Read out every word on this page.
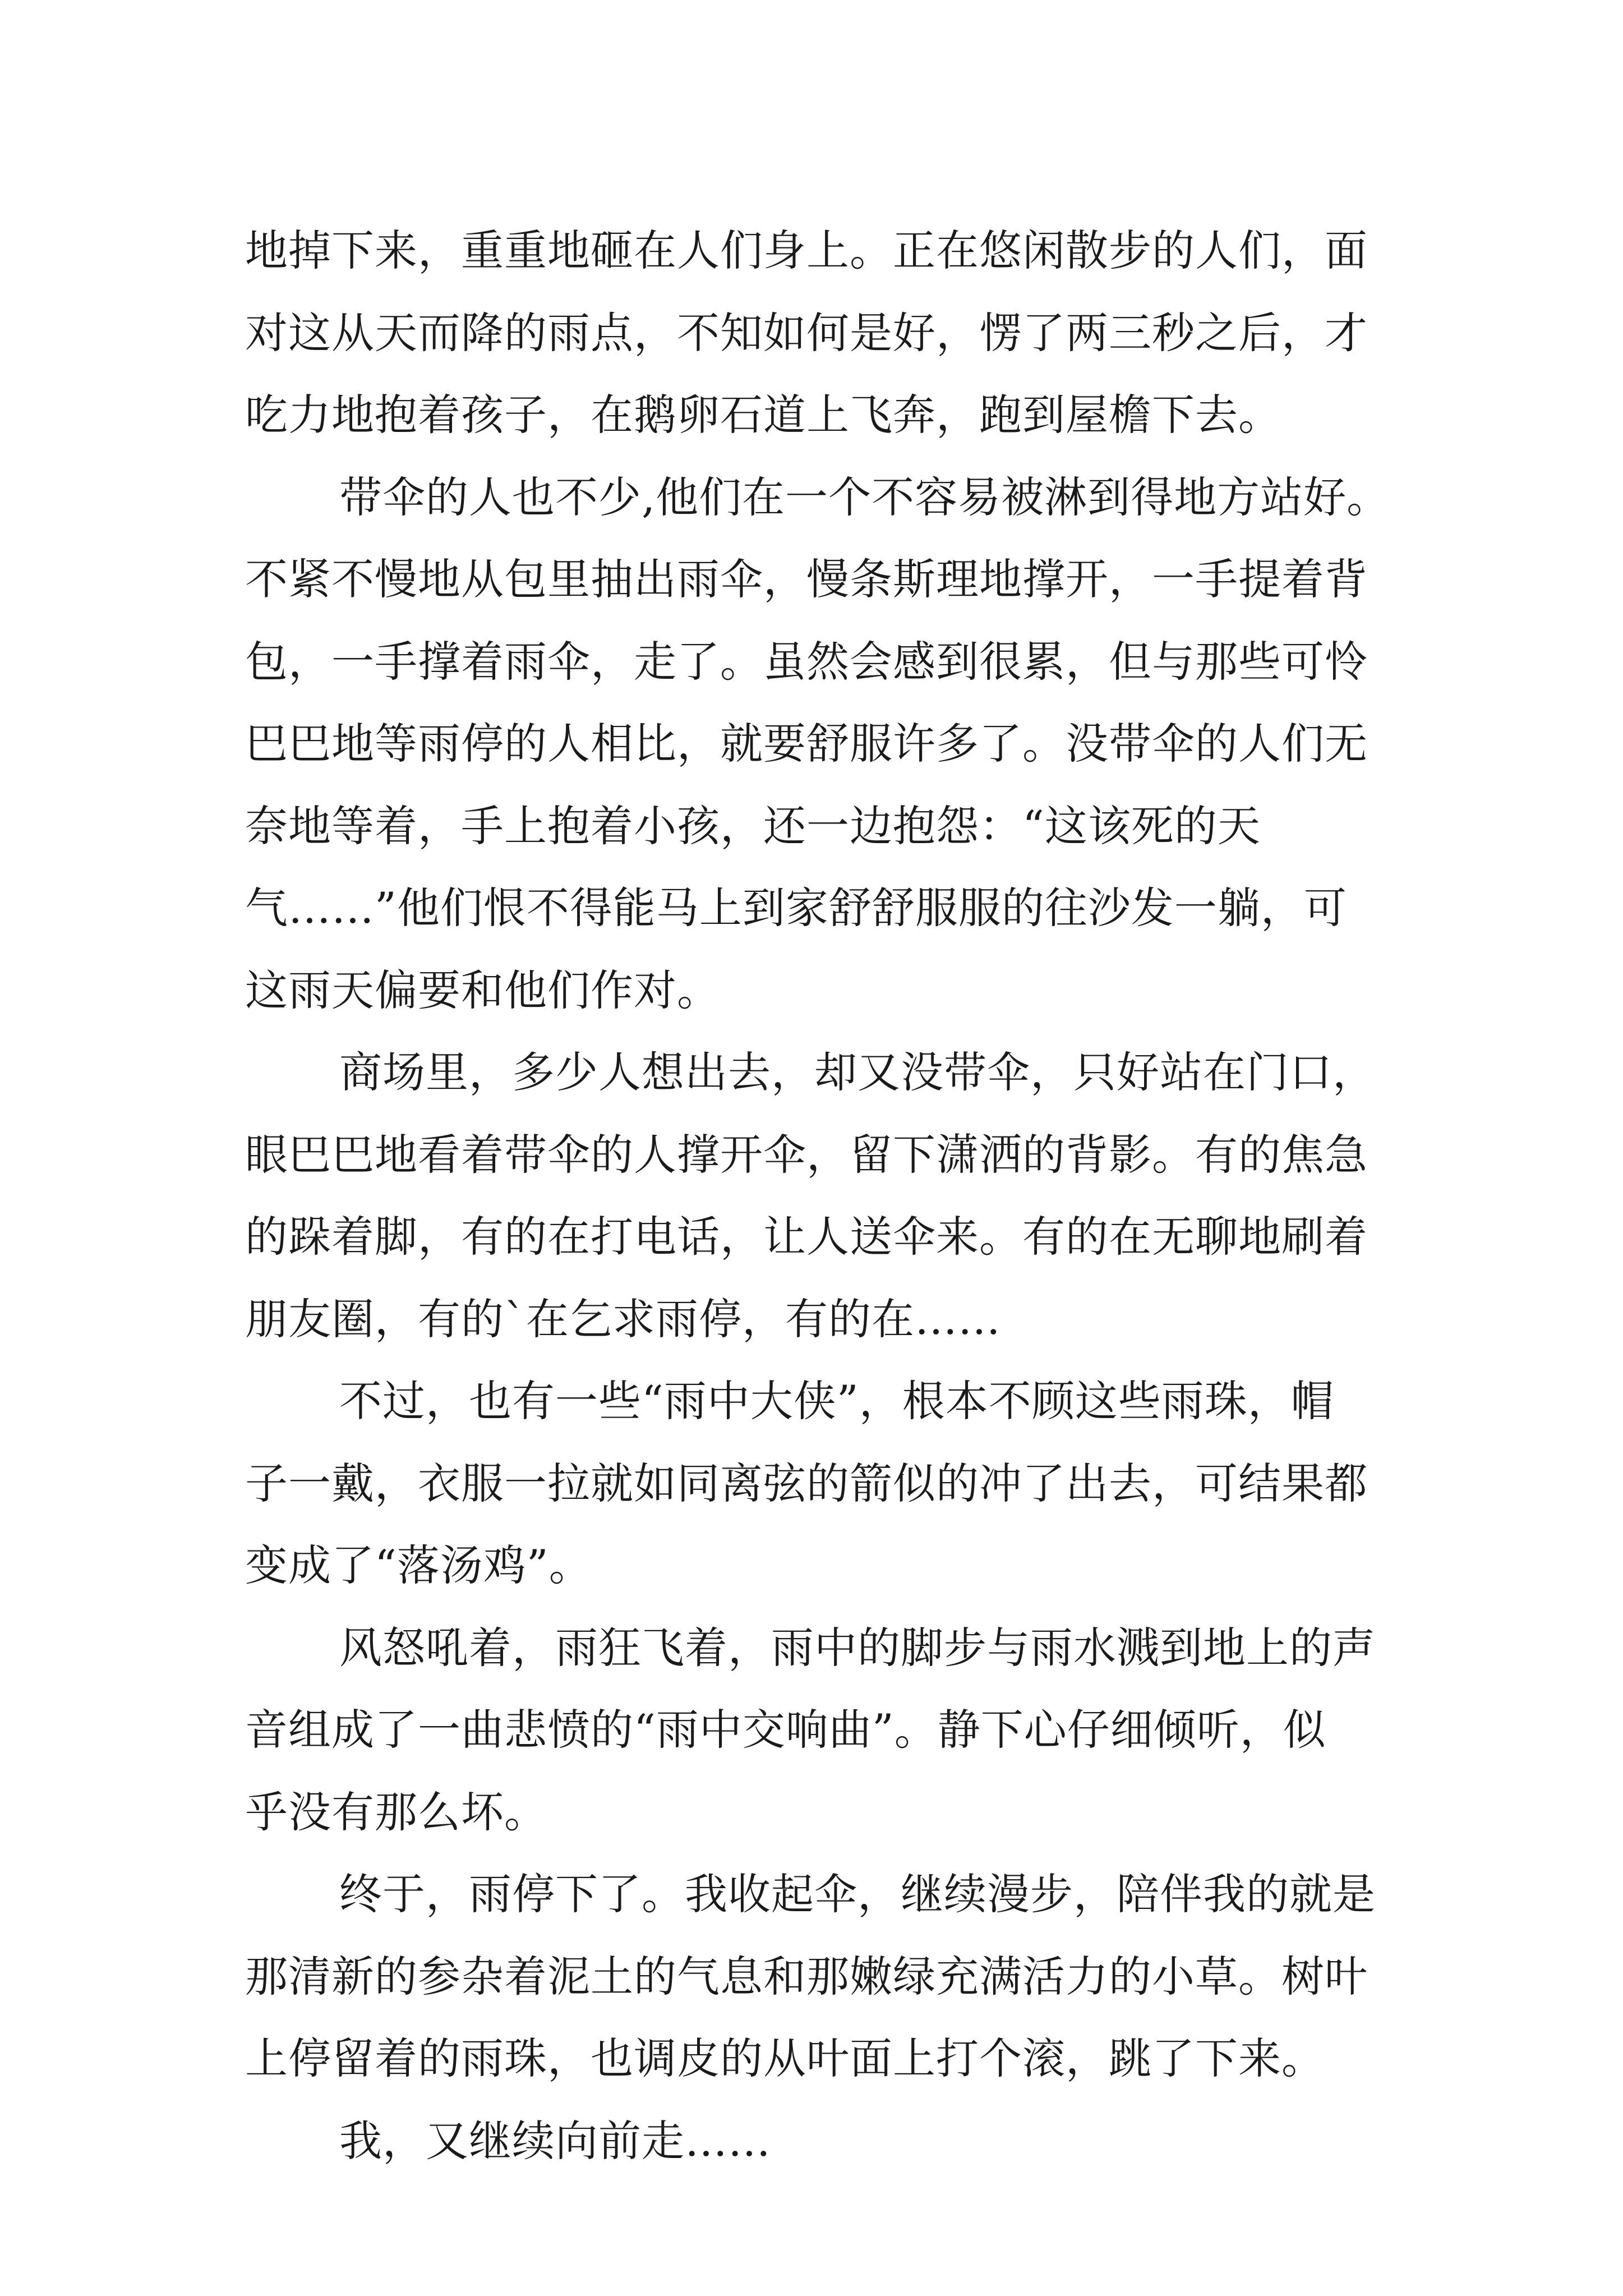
地掉下来，重重地砸在人们身上。正在悠闲散步的人们，面
对这从天而降的雨点，不知如何是好，愣了两三秒之后，才
吃力地抱着孩子，在鹅卵石道上飞奔，跑到屋檐下去。
带伞的人也不少,他们在一个不容易被淋到得地方站好。
不紧不慢地从包里抽出雨伞，慢条斯理地撑开，一手提着背
包，一手撑着雨伞，走了。虽然会感到很累，但与那些可怜
巴巴地等雨停的人相比，就要舒服许多了。没带伞的人们无
奈地等着，手上抱着小孩，还一边抱怨：“这该死的天
气……”他们恨不得能马上到家舒舒服服的往沙发一躺，可
这雨天偏要和他们作对。
商场里，多少人想出去，却又没带伞，只好站在门口，
眼巴巴地看着带伞的人撑开伞，留下潇洒的背影。有的焦急
的跺着脚，有的在打电话，让人送伞来。有的在无聊地刷着
朋友圈，有的`在乞求雨停，有的在……
不过，也有一些“雨中大侠”，根本不顾这些雨珠，帽
子一戴，衣服一拉就如同离弦的箭似的冲了出去，可结果都
变成了“落汤鸡”。
风怒吼着，雨狂飞着，雨中的脚步与雨水溅到地上的声
音组成了一曲悲愤的“雨中交响曲”。静下心仔细倾听，似
乎没有那么坏。
终于，雨停下了。我收起伞，继续漫步，陪伴我的就是
那清新的参杂着泥土的气息和那嫩绿充满活力的小草。树叶
上停留着的雨珠，也调皮的从叶面上打个滚，跳了下来。
我，又继续向前走……
